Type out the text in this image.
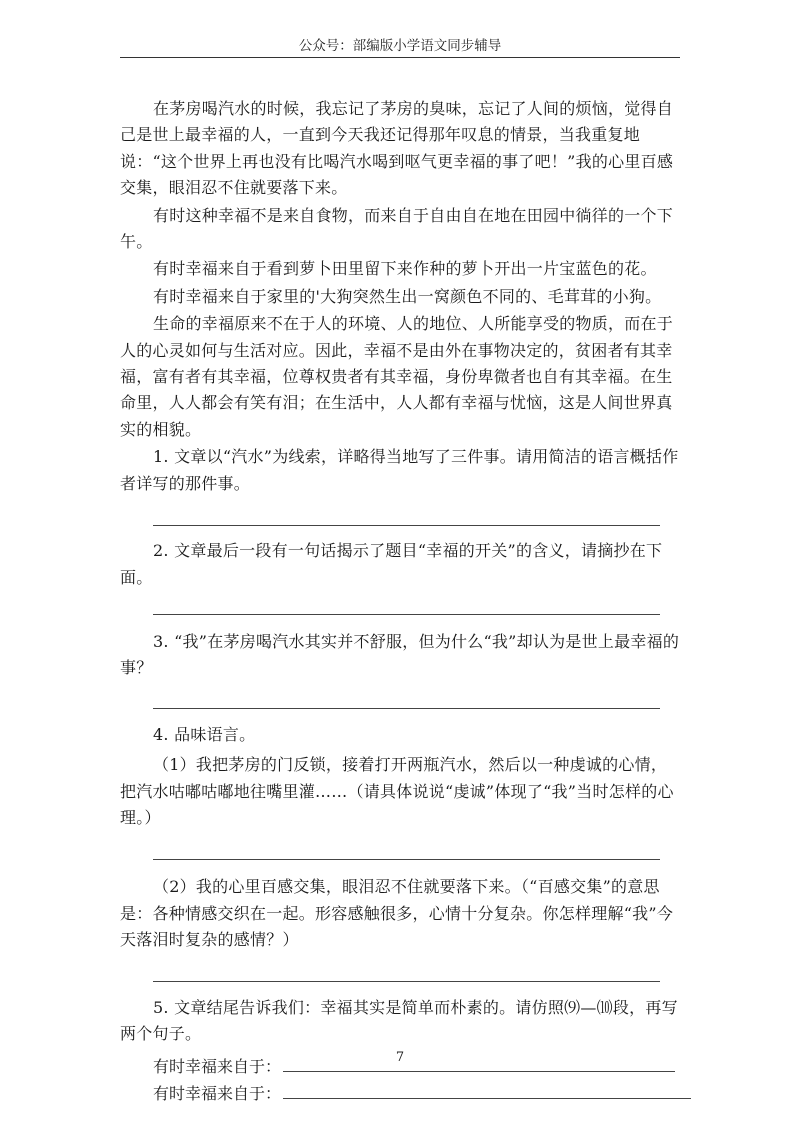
公众号：部编版小学语文同步辅导

在茅房喝汽水的时候，我忘记了茅房的臭味，忘记了人间的烦恼，觉得自己是世上最幸福的人，一直到今天我还记得那年叹息的情景，当我重复地说：“这个世界上再也没有比喝汽水喝到呕气更幸福的事了吧！”我的心里百感交集，眼泪忍不住就要落下来。

有时这种幸福不是来自食物，而来自于自由自在地在田园中徜徉的一个下午。

有时幸福来自于看到萝卜田里留下来作种的萝卜开出一片宝蓝色的花。

有时幸福来自于家里的'大狗突然生出一窝颜色不同的、毛茸茸的小狗。

生命的幸福原来不在于人的环境、人的地位、人所能享受的物质，而在于人的心灵如何与生活对应。因此，幸福不是由外在事物决定的，贫困者有其幸福，富有者有其幸福，位尊权贵者有其幸福，身份卑微者也自有其幸福。在生命里，人人都会有笑有泪；在生活中，人人都有幸福与忧恼，这是人间世界真实的相貌。

1. 文章以“汽水”为线索，详略得当地写了三件事。请用简洁的语言概括作者详写的那件事。

2. 文章最后一段有一句话揭示了题目“幸福的开关”的含义，请摘抄在下面。

3. “我”在茅房喝汽水其实并不舒服，但为什么“我”却认为是世上最幸福的事？

4. 品味语言。

（1）我把茅房的门反锁，接着打开两瓶汽水，然后以一种虔诚的心情，把汽水咕嘟咕嘟地往嘴里灌……（请具体说说“虔诚”体现了“我”当时怎样的心理。）

（2）我的心里百感交集，眼泪忍不住就要落下来。（“百感交集”的意思是：各种情感交织在一起。形容感触很多，心情十分复杂。你怎样理解“我”今天落泪时复杂的感情？）

5. 文章结尾告诉我们：幸福其实是简单而朴素的。请仿照⑼—⑽段，再写两个句子。

有时幸福来自于：
有时幸福来自于：
7
